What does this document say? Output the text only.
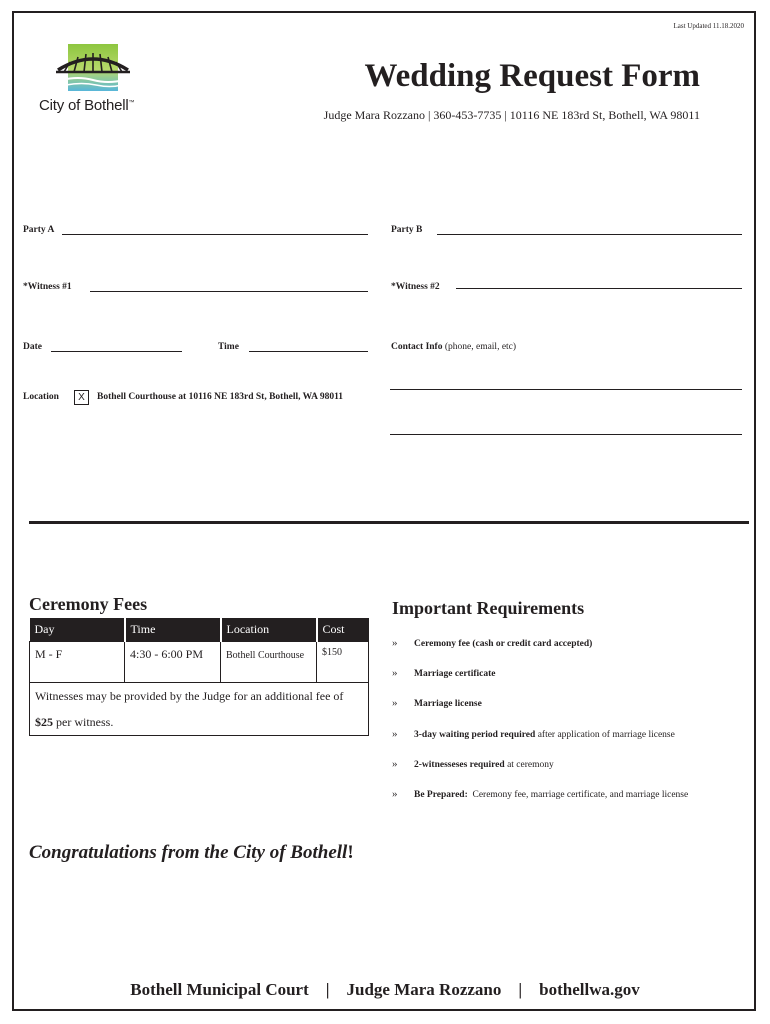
Last Updated 11.18.2020
City of Bothell™
Wedding Request Form
Judge Mara Rozzano | 360-453-7735 | 10116 NE 183rd St, Bothell, WA 98011
Party A	Party B
*Witness #1	*Witness #2
Date	Time	Contact Info (phone, email, etc)
Location	X	Bothell Courthouse at 10116 NE 183rd St, Bothell, WA 98011
Ceremony Fees
Day	Time	Location	Cost
M - F	4:30 - 6:00 PM	Bothell Courthouse	$150
Witnesses may be provided by the Judge for an additional fee of $25 per witness.			
Important Requirements
» Ceremony fee (cash or credit card accepted)
» Marriage certificate
» Marriage license
» 3-day waiting period required after application of marriage license
» 2-witnesseses required at ceremony
» Be Prepared:  Ceremony fee, marriage certificate, and marriage license
Congratulations from the City of Bothell!
Bothell Municipal Court | Judge Mara Rozzano | bothellwa.gov
